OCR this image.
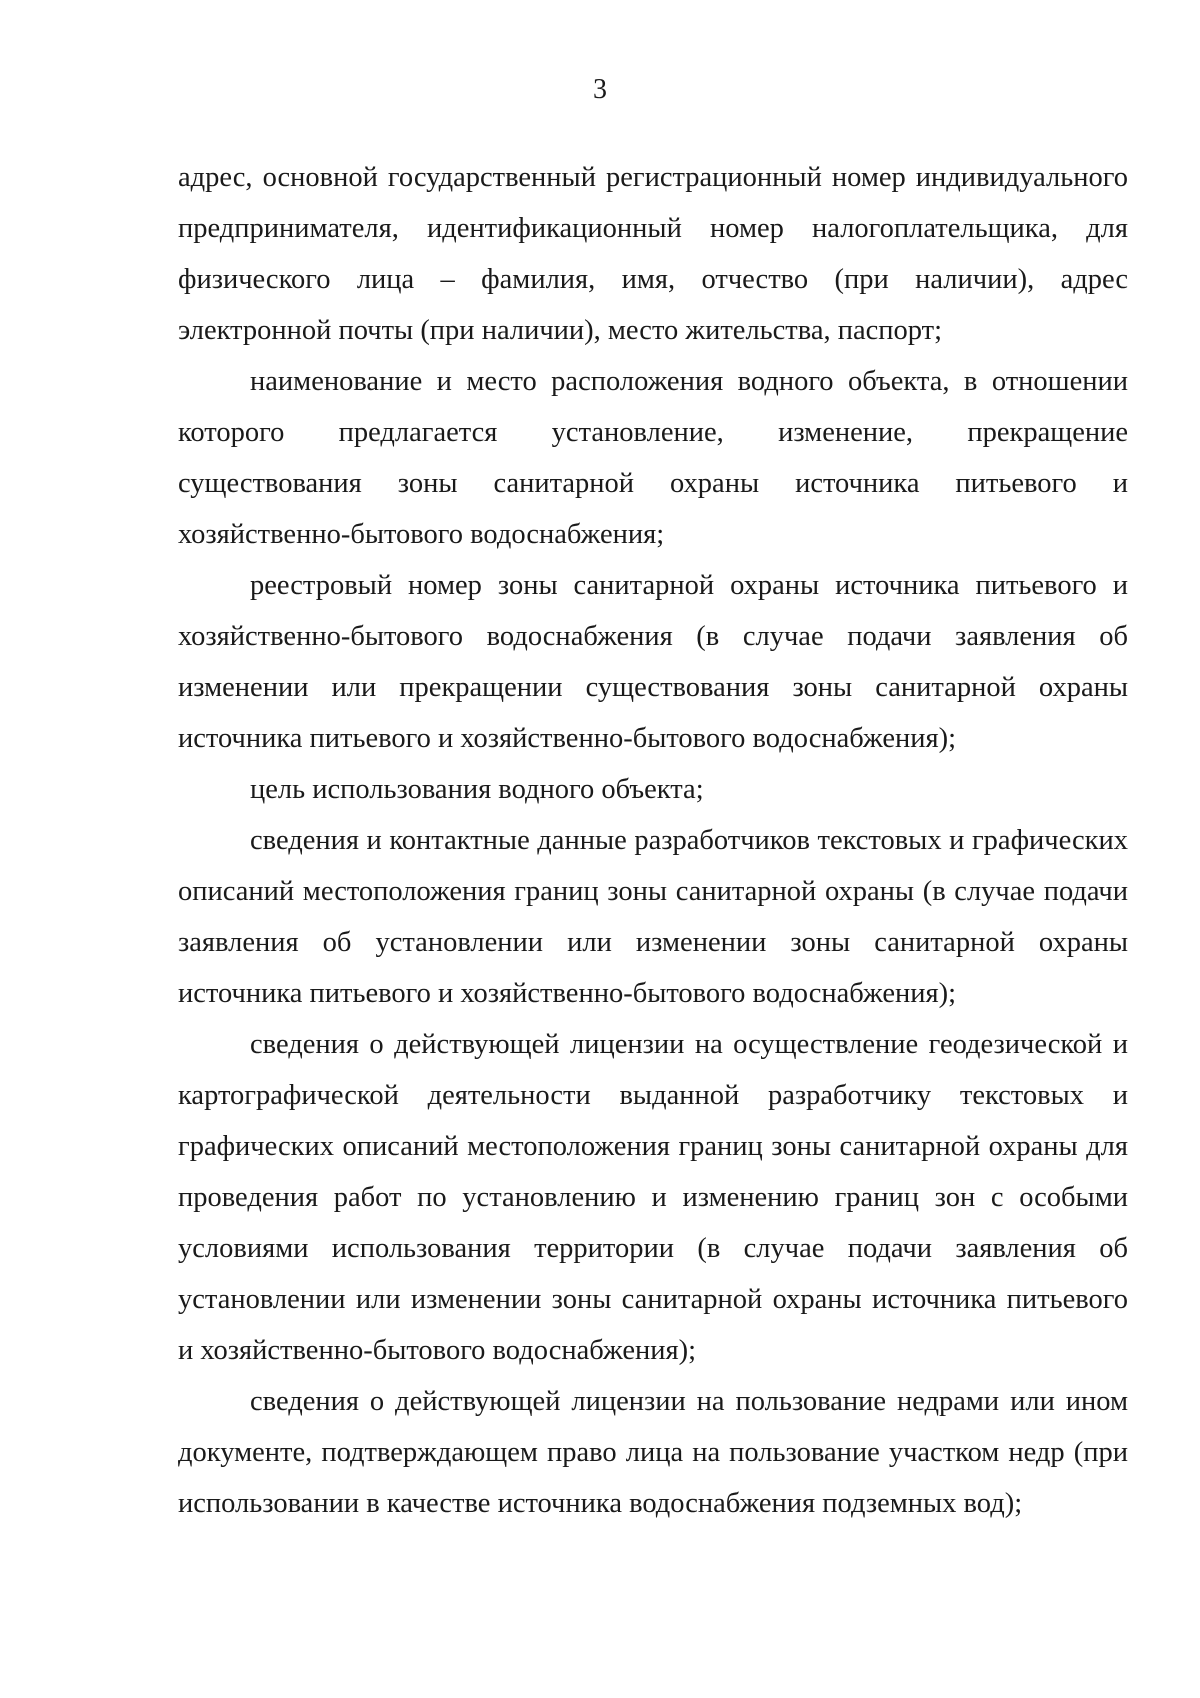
3

адрес, основной государственный регистрационный номер индивидуального предпринимателя, идентификационный номер налогоплательщика, для физического лица – фамилия, имя, отчество (при наличии), адрес электронной почты (при наличии), место жительства, паспорт;

наименование и место расположения водного объекта, в отношении которого предлагается установление, изменение, прекращение существования зоны санитарной охраны источника питьевого и хозяйственно-бытового водоснабжения;

реестровый номер зоны санитарной охраны источника питьевого и хозяйственно-бытового водоснабжения (в случае подачи заявления об изменении или прекращении существования зоны санитарной охраны источника питьевого и хозяйственно-бытового водоснабжения);

цель использования водного объекта;

сведения и контактные данные разработчиков текстовых и графических описаний местоположения границ зоны санитарной охраны (в случае подачи заявления об установлении или изменении зоны санитарной охраны источника питьевого и хозяйственно-бытового водоснабжения);

сведения о действующей лицензии на осуществление геодезической и картографической деятельности выданной разработчику текстовых и графических описаний местоположения границ зоны санитарной охраны для проведения работ по установлению и изменению границ зон с особыми условиями использования территории (в случае подачи заявления об установлении или изменении зоны санитарной охраны источника питьевого и хозяйственно-бытового водоснабжения);

сведения о действующей лицензии на пользование недрами или ином документе, подтверждающем право лица на пользование участком недр (при использовании в качестве источника водоснабжения подземных вод);
